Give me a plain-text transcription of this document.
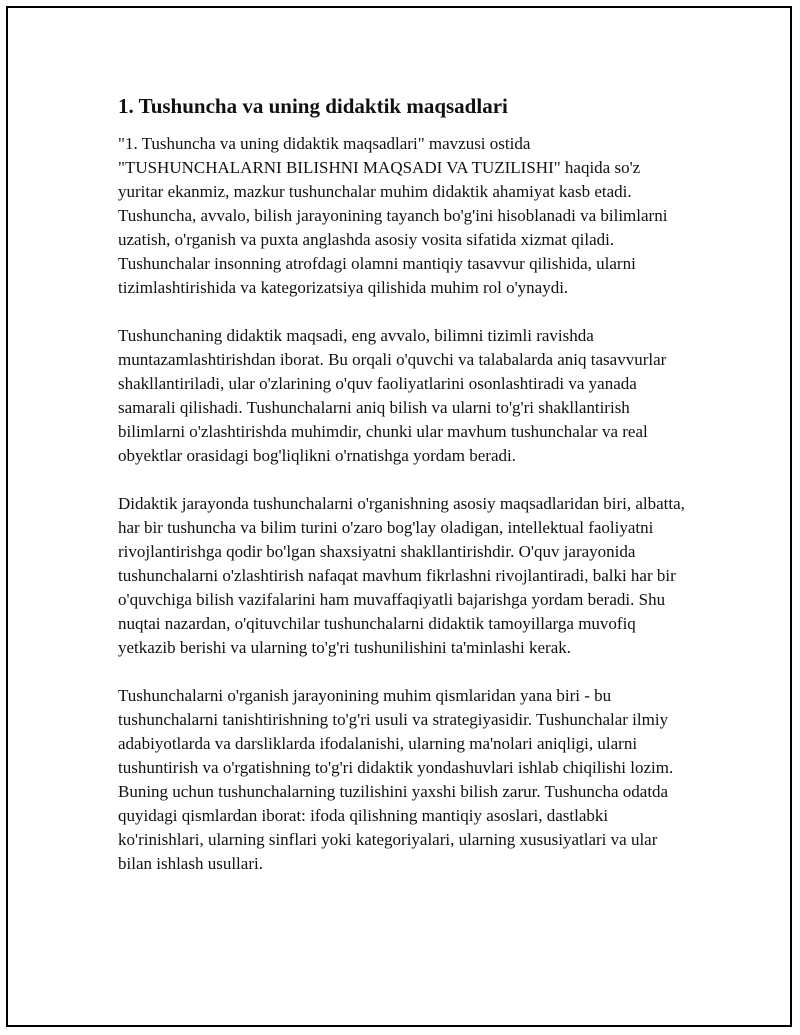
1. Tushuncha va uning didaktik maqsadlari

"1. Tushuncha va uning didaktik maqsadlari" mavzusi ostida "TUSHUNCHALARNI BILISHNI MAQSADI VA TUZILISHI" haqida so'z yuritar ekanmiz, mazkur tushunchalar muhim didaktik ahamiyat kasb etadi. Tushuncha, avvalo, bilish jarayonining tayanch bo'g'ini hisoblanadi va bilimlarni uzatish, o'rganish va puxta anglashda asosiy vosita sifatida xizmat qiladi. Tushunchalar insonning atrofdagi olamni mantiqiy tasavvur qilishida, ularni tizimlashtirishida va kategorizatsiya qilishida muhim rol o'ynaydi.

Tushunchaning didaktik maqsadi, eng avvalo, bilimni tizimli ravishda muntazamlashtirishdan iborat. Bu orqali o'quvchi va talabalarda aniq tasavvurlar shakllantiriladi, ular o'zlarining o'quv faoliyatlarini osonlashtiradi va yanada samarali qilishadi. Tushunchalarni aniq bilish va ularni to'g'ri shakllantirish bilimlarni o'zlashtirishda muhimdir, chunki ular mavhum tushunchalar va real obyektlar orasidagi bog'liqlikni o'rnatishga yordam beradi.

Didaktik jarayonda tushunchalarni o'rganishning asosiy maqsadlaridan biri, albatta, har bir tushuncha va bilim turini o'zaro bog'lay oladigan, intellektual faoliyatni rivojlantirishga qodir bo'lgan shaxsiyatni shakllantirishdir. O'quv jarayonida tushunchalarni o'zlashtirish nafaqat mavhum fikrlashni rivojlantiradi, balki har bir o'quvchiga bilish vazifalarini ham muvaffaqiyatli bajarishga yordam beradi. Shu nuqtai nazardan, o'qituvchilar tushunchalarni didaktik tamoyillarga muvofiq yetkazib berishi va ularning to'g'ri tushunilishini ta'minlashi kerak.

Tushunchalarni o'rganish jarayonining muhim qismlaridan yana biri - bu tushunchalarni tanishtirishning to'g'ri usuli va strategiyasidir. Tushunchalar ilmiy adabiyotlarda va darsliklarda ifodalanishi, ularning ma'nolari aniqligi, ularni tushuntirish va o'rgatishning to'g'ri didaktik yondashuvlari ishlab chiqilishi lozim. Buning uchun tushunchalarning tuzilishini yaxshi bilish zarur. Tushuncha odatda quyidagi qismlardan iborat: ifoda qilishning mantiqiy asoslari, dastlabki ko'rinishlari, ularning sinflari yoki kategoriyalari, ularning xususiyatlari va ular bilan ishlash usullari.
